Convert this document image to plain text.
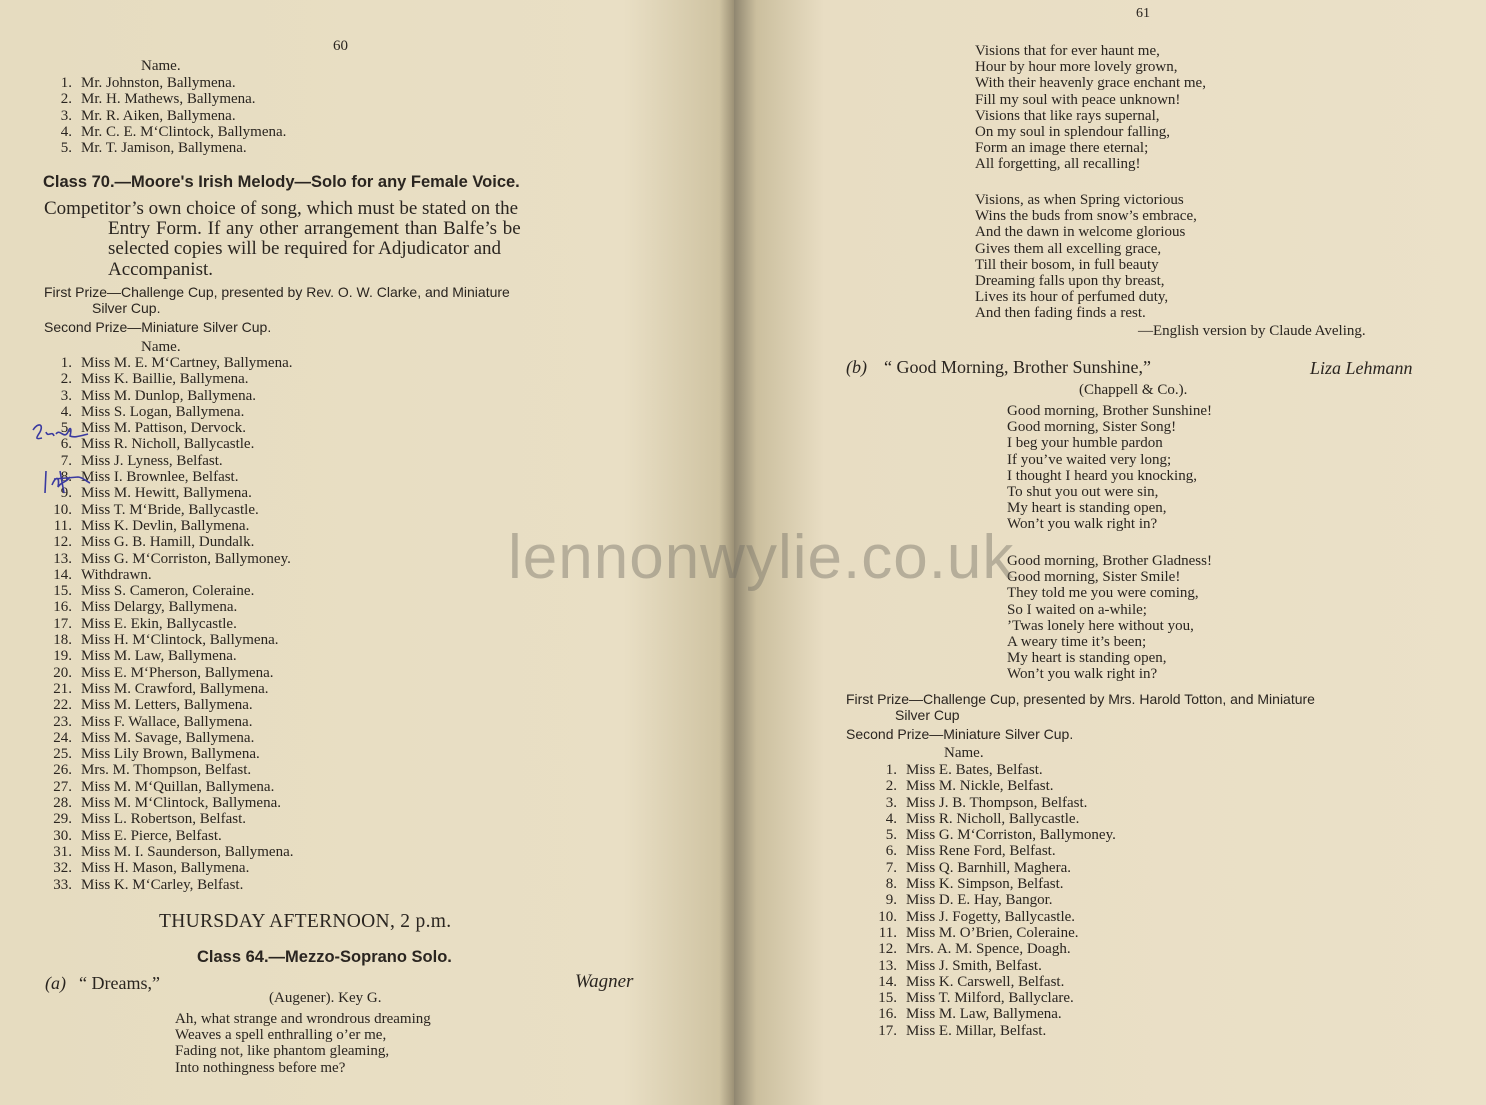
60
Name.
1. Mr. Johnston, Ballymena.
2. Mr. H. Mathews, Ballymena.
3. Mr. R. Aiken, Ballymena.
4. Mr. C. E. M‘Clintock, Ballymena.
5. Mr. T. Jamison, Ballymena.
Class 70.—Moore's Irish Melody—Solo for any Female Voice.
Competitor’s own choice of song, which must be stated on the
Entry Form. If any other arrangement than Balfe’s be
selected copies will be required for Adjudicator and
Accompanist.
First Prize—Challenge Cup, presented by Rev. O. W. Clarke, and Miniature
Silver Cup.
Second Prize—Miniature Silver Cup.
Name.
1. Miss M. E. M‘Cartney, Ballymena.
2. Miss K. Baillie, Ballymena.
3. Miss M. Dunlop, Ballymena.
4. Miss S. Logan, Ballymena.
5. Miss M. Pattison, Dervock.
6. Miss R. Nicholl, Ballycastle.
7. Miss J. Lyness, Belfast.
8. Miss I. Brownlee, Belfast.
9. Miss M. Hewitt, Ballymena.
10. Miss T. M‘Bride, Ballycastle.
11. Miss K. Devlin, Ballymena.
12. Miss G. B. Hamill, Dundalk.
13. Miss G. M‘Corriston, Ballymoney.
14. Withdrawn.
15. Miss S. Cameron, Coleraine.
16. Miss Delargy, Ballymena.
17. Miss E. Ekin, Ballycastle.
18. Miss H. M‘Clintock, Ballymena.
19. Miss M. Law, Ballymena.
20. Miss E. M‘Pherson, Ballymena.
21. Miss M. Crawford, Ballymena.
22. Miss M. Letters, Ballymena.
23. Miss F. Wallace, Ballymena.
24. Miss M. Savage, Ballymena.
25. Miss Lily Brown, Ballymena.
26. Mrs. M. Thompson, Belfast.
27. Miss M. M‘Quillan, Ballymena.
28. Miss M. M‘Clintock, Ballymena.
29. Miss L. Robertson, Belfast.
30. Miss E. Pierce, Belfast.
31. Miss M. I. Saunderson, Ballymena.
32. Miss H. Mason, Ballymena.
33. Miss K. M‘Carley, Belfast.
THURSDAY AFTERNOON, 2 p.m.
Class 64.—Mezzo-Soprano Solo.
(a) “ Dreams,”	Wagner
(Augener). Key G.
Ah, what strange and wrondrous dreaming
Weaves a spell enthralling o’er me,
Fading not, like phantom gleaming,
Into nothingness before me?
61
Visions that for ever haunt me,
Hour by hour more lovely grown,
With their heavenly grace enchant me,
Fill my soul with peace unknown!
Visions that like rays supernal,
On my soul in splendour falling,
Form an image there eternal;
All forgetting, all recalling!
Visions, as when Spring victorious
Wins the buds from snow’s embrace,
And the dawn in welcome glorious
Gives them all excelling grace,
Till their bosom, in full beauty
Dreaming falls upon thy breast,
Lives its hour of perfumed duty,
And then fading finds a rest.
—English version by Claude Aveling.
(b) “ Good Morning, Brother Sunshine,”	Liza Lehmann
(Chappell & Co.).
Good morning, Brother Sunshine!
Good morning, Sister Song!
I beg your humble pardon
If you’ve waited very long;
I thought I heard you knocking,
To shut you out were sin,
My heart is standing open,
Won’t you walk right in?
Good morning, Brother Gladness!
Good morning, Sister Smile!
They told me you were coming,
So I waited on a-while;
’Twas lonely here without you,
A weary time it’s been;
My heart is standing open,
Won’t you walk right in?
First Prize—Challenge Cup, presented by Mrs. Harold Totton, and Miniature
Silver Cup
Second Prize—Miniature Silver Cup.
Name.
1. Miss E. Bates, Belfast.
2. Miss M. Nickle, Belfast.
3. Miss J. B. Thompson, Belfast.
4. Miss R. Nicholl, Ballycastle.
5. Miss G. M‘Corriston, Ballymoney.
6. Miss Rene Ford, Belfast.
7. Miss Q. Barnhill, Maghera.
8. Miss K. Simpson, Belfast.
9. Miss D. E. Hay, Bangor.
10. Miss J. Fogetty, Ballycastle.
11. Miss M. O’Brien, Coleraine.
12. Mrs. A. M. Spence, Doagh.
13. Miss J. Smith, Belfast.
14. Miss K. Carswell, Belfast.
15. Miss T. Milford, Ballyclare.
16. Miss M. Law, Ballymena.
17. Miss E. Millar, Belfast.
lennonwylie.co.uk
